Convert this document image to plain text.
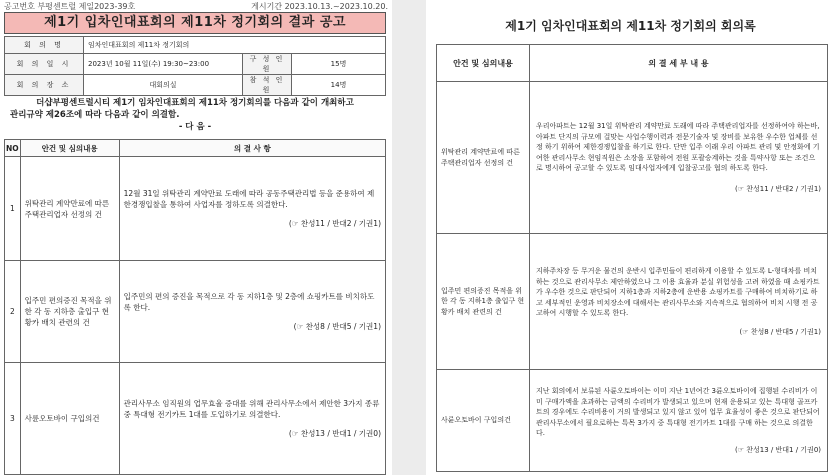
공고번호 부평센트럴 제일2023-39호	게시기간 2023.10.13.~2023.10.20.
제1기 입차인대표회의 제11차 정기회의 결과 공고
회 의 명	임차인대표회의 제11차 정기회의		
회 의 일 시	2023년 10월 11일(수) 19:30~23:00	구 성 인 원	15명
회 의 장 소	대회의실	참 석 인 원	14명
더샵부평센트럴시티 제1기 임차인대표회의 제11차 정기회의를 다음과 같이 개최하고
관리규약 제26조에 따라 다음과 같이 의결함.
- 다 음 -
NO	안건 및 심의내용	의 결 사 항
1	위탁관리 계약만료에 따른 주택관리업자 선정의 건	12월 31일 위탁관리 계약만료 도래에 따라 공동주택관리법 등을 준용하여 제한경쟁입찰을 통하여 사업자를 정하도록 의결한다.
(☞ 찬성11 / 반대2 / 기권1)

2	입주민 편의증진 목적을 위한 각 동 지하층 출입구 현황카 배치 관련의 건	입주민의 편의 증진을 목적으로 각 동 지하1층 및 2층에 쇼핑카트를 비치하도록 한다.
(☞ 찬성8 / 반대5 / 기권1)

3	사륜오토바이 구입의건	관리사무소 임직원의 업무효율 증대를 위해 관리사무소에서 제안한 3가지 종류 중 특대형 전기카트 1대를 도입하기로 의결한다.
(☞ 찬성13 / 반대1 / 기권0)
제1기 임차인대표회의 제11차 정기회의 회의록
안건 및 심의내용	의 결 세 부 내 용
위탁관리 계약만료에 따른 주택관리업자 선정의 건	우리아파트는 12월 31일 위탁관리 계약만료 도래에 따라 주택관리업자를 선정하여야 하는바, 아파트 단지의 규모에 걸맞는 사업수행이력과 전문기술자 및 장비를 보유한 우수한 업체를 선정 하기 위하여 제한경쟁입찰을 하기로 한다. 단만 입주 이래 우리 아파트 관리 및 안정화에 기여한 관리사무소 현임직원은 소장을 포함하여 전원 포괄승계하는 것을 특약사항 또는 조건으로 명시하여 공고할 수 있도록 임대사업자에게 입찰공고를 협의 하도록 한다.
(☞ 찬성11 / 반대2 / 기권1)

입주민 편의증진 목적을 위한 각 동 지하1층 출입구 현황카 배치 관련의 건	지하주차장 등 무거운 물건의 운반시 입주민들이 편리하게 이용할 수 있도록 L-형대차를 비치하는 것으로 관리사무소 제안하였으나 그 이용 효율과 분실 위험성을 고려 하였을 때 쇼핑카트가 우수한 것으로 판단되어 지하1층과 지하2층에 운반용 쇼핑카트를 구매하여 비치하기로 하고 세부적인 운영과 비치장소에 대해서는 관리사무소와 지속적으로 협의하여 비치 시행 전 공고하여 시행할 수 있도록 한다.
(☞ 찬성8 / 반대5 / 기권1)

사륜오토바이 구입의건	지난 회의에서 보류된 사륜오토바이는 이미 지난 1년여간 3륜오토바이에 집행된 수리비가 이미 구매가액을 초과하는 금액의 수리비가 발생되고 있으며 현재 운용되고 있는 특대형 골프카트의 경우에도 수리비용이 거의 발생되고 있지 않고 있어 업무 효율성이 좋은 것으로 판단되어 관리사무소에서 필요로하는 특목 3가지 중 특대형 전기카트 1대를 구매 하는 것으로 의결한다.
(☞ 찬성13 / 반대1 / 기권0)
